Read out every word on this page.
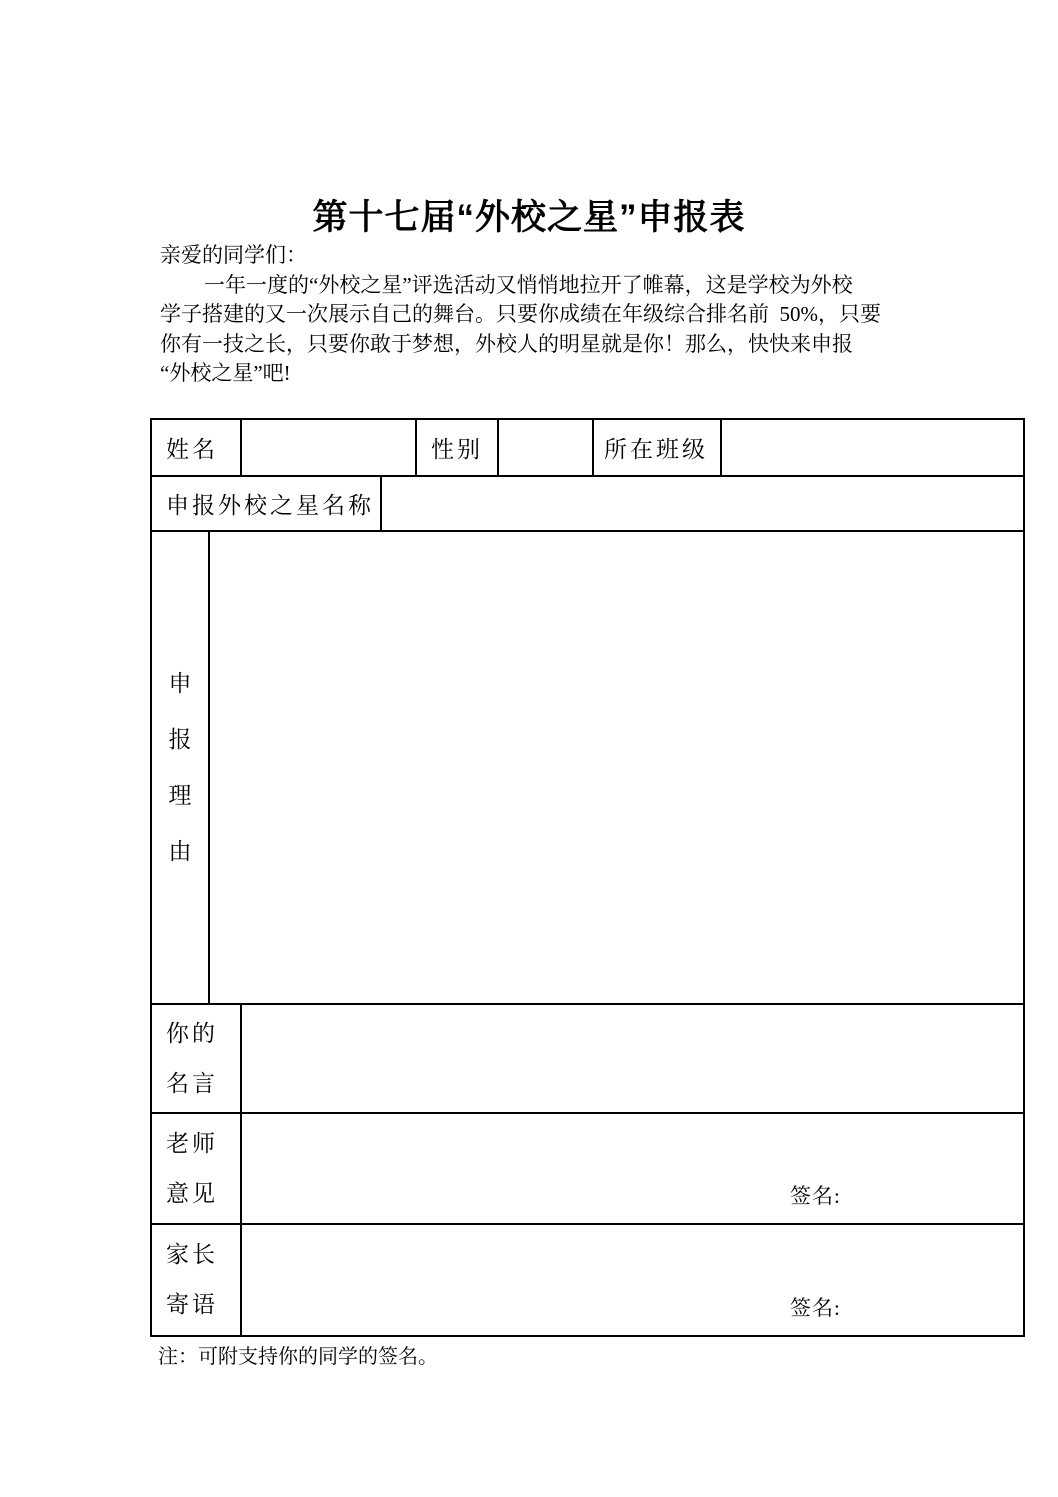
第十七届“外校之星”申报表
亲爱的同学们：
一年一度的“外校之星”评选活动又悄悄地拉开了帷幕，这是学校为外校
学子搭建的又一次展示自己的舞台。只要你成绩在年级综合排名前  50%，只要
你有一技之长，只要你敢于梦想，外校人的明星就是你！那么，快快来申报
“外校之星”吧!
姓名				性别		所在班级	
申报外校之星名称							

申
报
理
由							

你的
名言							

老师
意见		签名:					

家长
寄语		签名:					
注：可附支持你的同学的签名。
